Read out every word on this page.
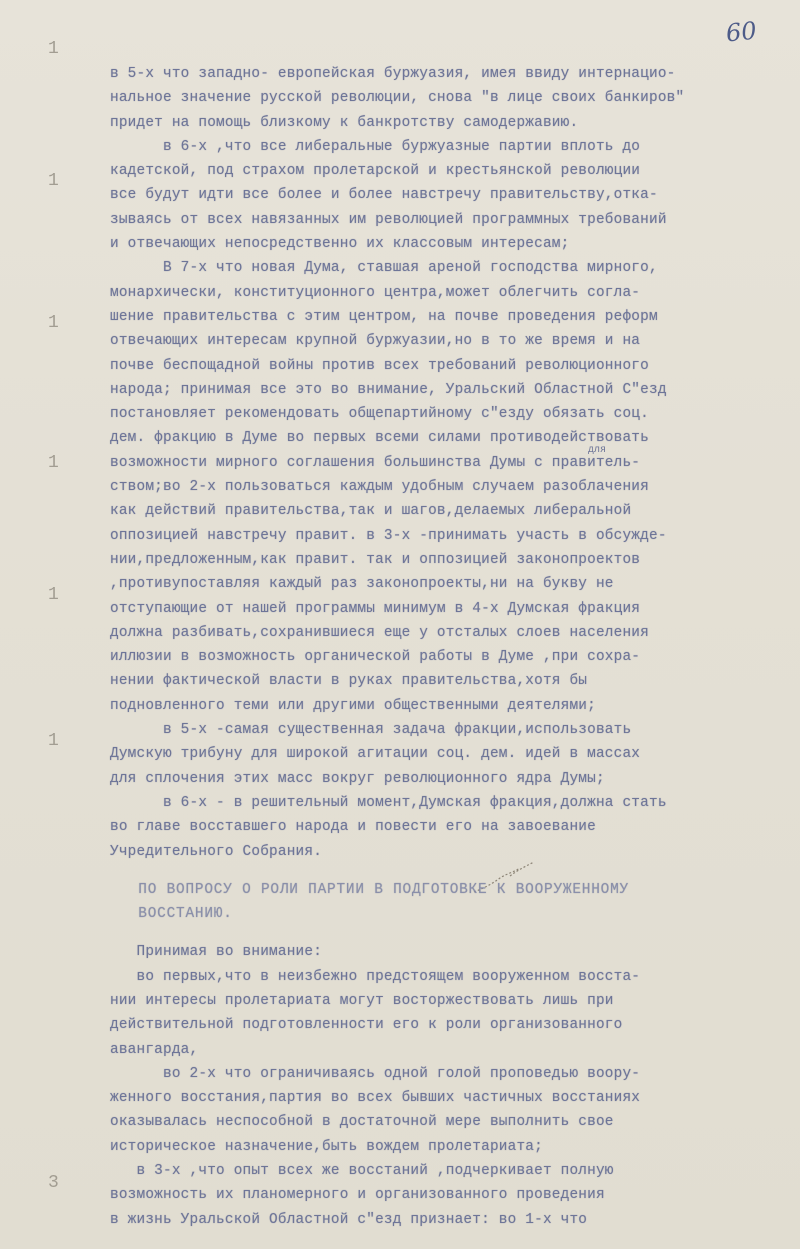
60
1
1
1
1
1
1
3
для
в 5-х что западно- европейская буржуазия, имея ввиду интернацио-
нальное значение русской революции, снова "в лице своих банкиров"
придет на помощь близкому к банкротству самодержавию.
в 6-х ,что все либеральные буржуазные партии вплоть до
кадетской, под страхом пролетарской и крестьянской революции
все будут идти все более и более навстречу правительству,отка-
зываясь от всех навязанных им революцией программных требований
и отвечающих непосредственно их классовым интересам;
В 7-х что новая Дума, ставшая ареной господства мирного,
монархически, конституционного центра,может облегчить соглa-
шение правительства с этим центром, на почве проведения реформ
отвечающих интересам крупной буржуазии,но в то же время и на
почве беспощадной войны против всех требований революционного
народа; принимая все это во внимание, Уральский Областной С"езд
постановляет рекомендовать общепартийному с"езду обязать соц.
дем. фракцию в Думе во первых всеми силами противодействовать
возможности мирного соглашения большинства Думы с правитель-
ством;во 2-х пользоваться каждым удобным случаем разоблачения
как действий правительства,так и шагов,делаемых либеральной
оппозицией навстречу правит. в 3-х -принимать участь в обсужде-
нии,предложенным,как правит. так и оппозицией законопроектов
,противупоставляя каждый раз законопроекты,ни на букву не
отступающие от нашей программы минимум в 4-х Думская фракция
должна разбивать,сохранившиеся еще у отсталых слоев населения
иллюзии в возможность органической работы в Думе ,при сохра-
нении фактической власти в руках правительства,хотя бы
подновленного теми или другими общественными деятелями;
в 5-х -самая существенная задача фракции,использовать
Думскую трибуну для широкой агитации соц. дем. идей в массах
для сплочения этих масс вокруг революционного ядра Думы;
в 6-х - в решительный момент,Думская фракция,должна стать
во главе восставшего народа и повести его на завоевание
Учредительного Собрания.
ПО ВОПРОСУ О РОЛИ ПАРТИИ В ПОДГОТОВКЕ К ВООРУЖЕННОМУ
ВОССТАНИЮ.
Принимая во внимание:
во первых,что в неизбежно предстоящем вооруженном восста-
нии интересы пролетариата могут восторжествовать лишь при
действительной подготовленности его к роли организованного
авангарда,
во 2-х что ограничиваясь одной голой проповедью воору-
женного восстания,партия во всех бывших частичных восстаниях
оказывалась неспособной в достаточной мере выполнить свое
историческое назначение,быть вождем пролетариата;
в 3-х ,что опыт всех же восстаний ,подчеркивает полную
возможность их планомерного и организованного проведения
в жизнь Уральской Областной с"езд признает: во 1-х что
